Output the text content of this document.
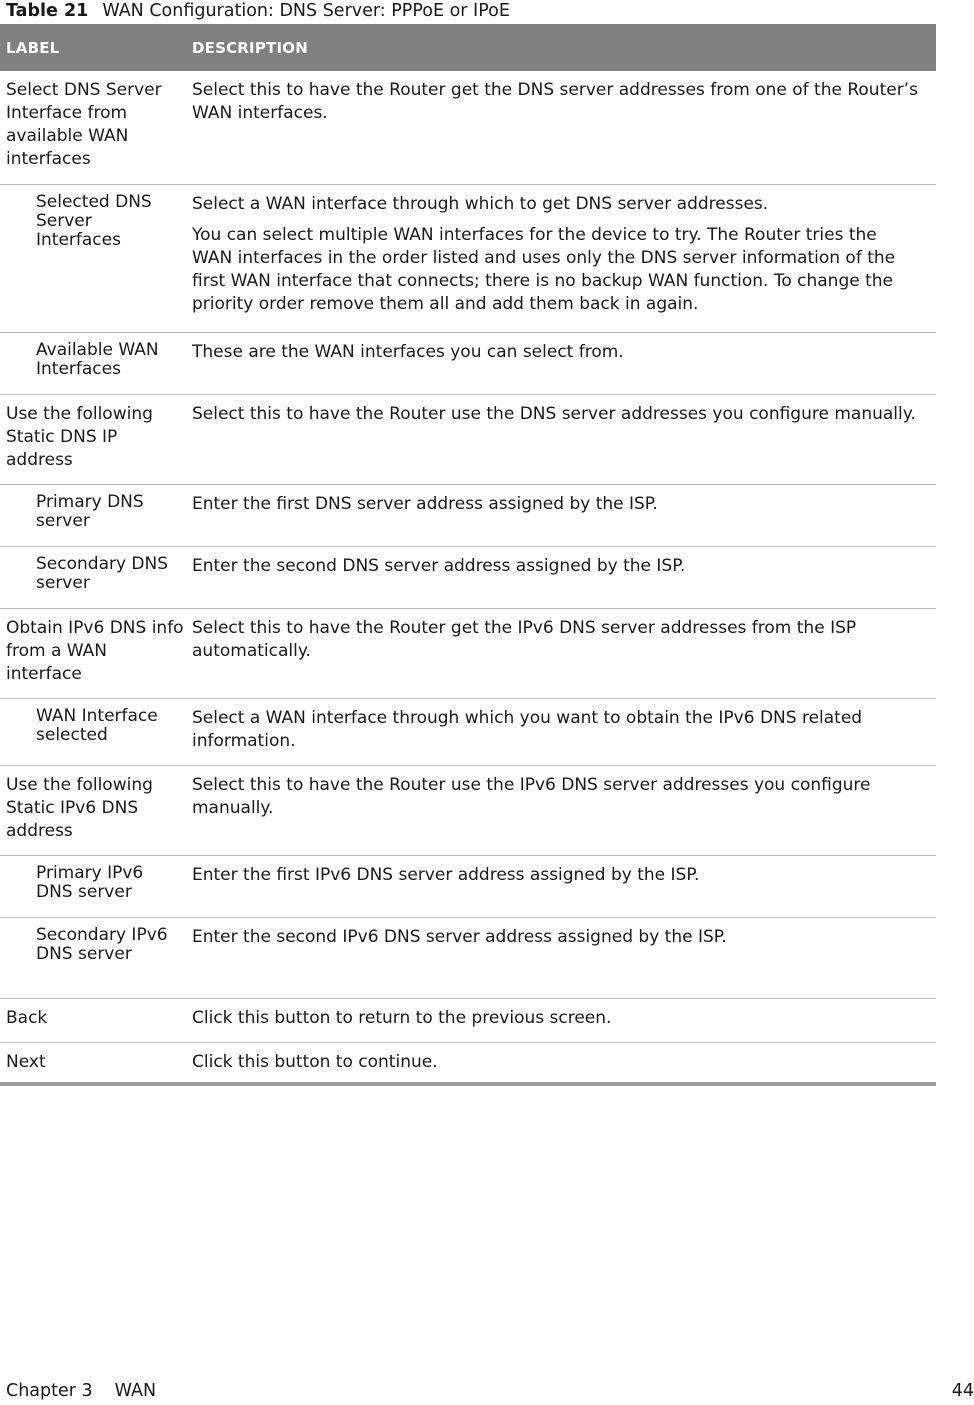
Table 21 WAN Configuration: DNS Server: PPPoE or IPoE
LABEL	DESCRIPTION
Select DNS Server Interface from available WAN interfaces	Select this to have the Router get the DNS server addresses from one of the Router’s WAN interfaces.

Selected DNS Server Interfaces	Select a WAN interface through which to get DNS server addresses.

You can select multiple WAN interfaces for the device to try. The Router tries the WAN interfaces in the order listed and uses only the DNS server information of the first WAN interface that connects; there is no backup WAN function. To change the priority order remove them all and add them back in again.

Available WAN Interfaces	These are the WAN interfaces you can select from.

Use the following Static DNS IP address	Select this to have the Router use the DNS server addresses you configure manually.

Primary DNS server	Enter the first DNS server address assigned by the ISP.

Secondary DNS server	Enter the second DNS server address assigned by the ISP.

Obtain IPv6 DNS info from a WAN interface	Select this to have the Router get the IPv6 DNS server addresses from the ISP automatically.

WAN Interface selected	Select a WAN interface through which you want to obtain the IPv6 DNS related information.

Use the following Static IPv6 DNS address	Select this to have the Router use the IPv6 DNS server addresses you configure manually.

Primary IPv6 DNS server	Enter the first IPv6 DNS server address assigned by the ISP.

Secondary IPv6 DNS server	Enter the second IPv6 DNS server address assigned by the ISP.

Back	Click this button to return to the previous screen.

Next	Click this button to continue.

Chapter 3 WAN	44
